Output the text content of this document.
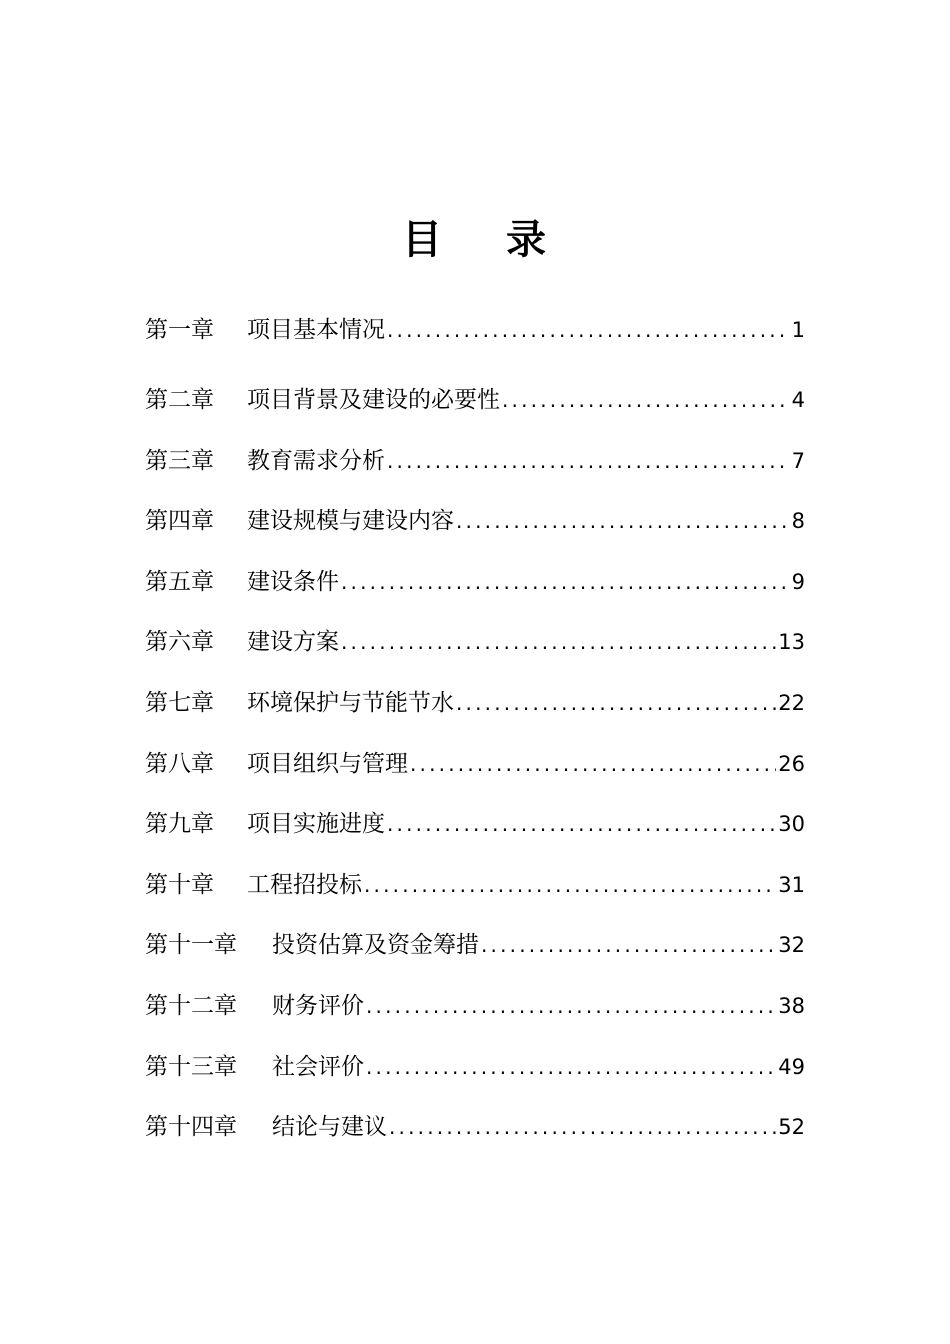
目 录
第一章	项目基本情况 .....	1
第二章	项目背景及建设的必要性 .....	4
第三章	教育需求分析 .....	7
第四章	建设规模与建设内容 .....	8
第五章	建设条件 .....	9
第六章	建设方案 .....	13
第七章	环境保护与节能节水 .....	22
第八章	项目组织与管理 .....	26
第九章	项目实施进度 .....	30
第十章	工程招投标 .....	31
第十一章	投资估算及资金筹措 .....	32
第十二章	财务评价 .....	38
第十三章	社会评价 .....	49
第十四章	结论与建议 .....	52
